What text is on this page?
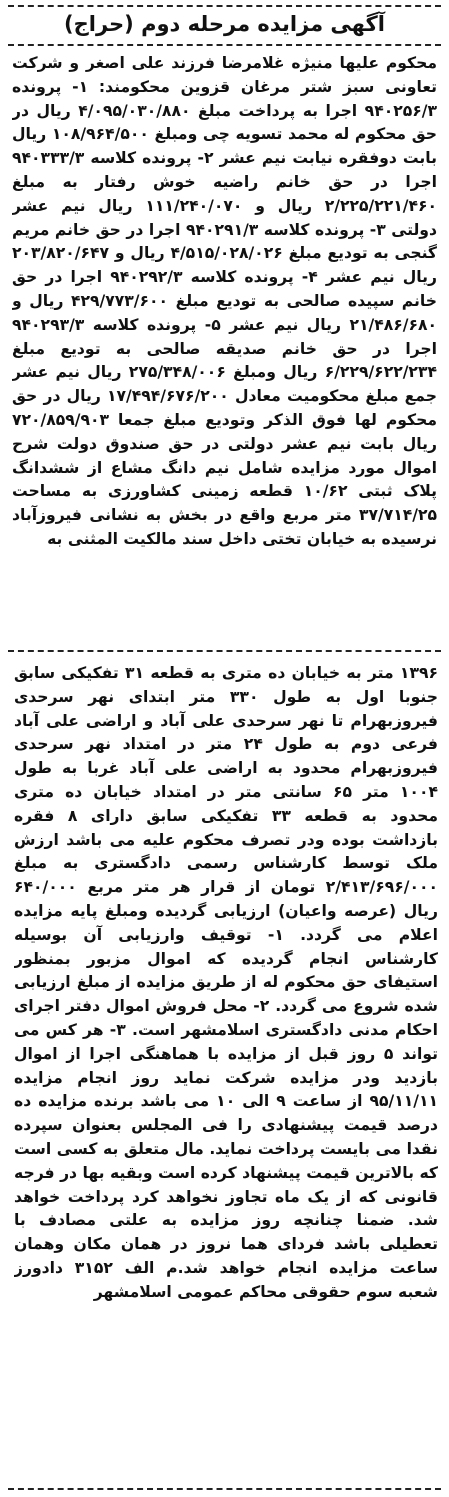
آگهی مزایده مرحله دوم (حراج)
محکوم علیها منیژه غلامرضا فرزند علی اصغر و شرکت تعاونی سبز شتر مرغان قزوین محکومند: ۱- پرونده ۹۴۰۲۵۶/۳ اجرا به پرداخت مبلغ ۴/۰۹۵/۰۳۰/۸۸۰ ریال در حق محکوم له محمد تسویه چی ومبلغ ۱۰۸/۹۶۴/۵۰۰ ریال بابت دوفقره نیابت نیم عشر ۲- پرونده کلاسه ۹۴۰۳۳۳/۳ اجرا در حق خانم راضیه خوش رفتار به مبلغ ۲/۲۲۵/۲۲۱/۴۶۰ ریال و ۱۱۱/۲۴۰/۰۷۰ ریال نیم عشر دولتی ۳- پرونده کلاسه ۹۴۰۲۹۱/۳ اجرا در حق خانم مریم گنجی به تودیع مبلغ ۴/۵۱۵/۰۲۸/۰۲۶ ریال و ۲۰۳/۸۲۰/۶۴۷ ریال نیم عشر ۴- پرونده کلاسه ۹۴۰۲۹۲/۳ اجرا در حق خانم سپیده صالحی به تودیع مبلغ ۴۲۹/۷۷۳/۶۰۰ ریال و ۲۱/۴۸۶/۶۸۰ ریال نیم عشر ۵- پرونده کلاسه ۹۴۰۲۹۳/۳ اجرا در حق خانم صدیقه صالحی به تودیع مبلغ ۶/۲۲۹/۶۲۲/۲۳۴ ریال ومبلغ ۲۷۵/۳۴۸/۰۰۶ ریال نیم عشر جمع مبلغ محکومیت معادل ۱۷/۴۹۴/۶۷۶/۲۰۰ ریال در حق محکوم لها فوق الذکر وتودیع مبلغ جمعا ۷۲۰/۸۵۹/۹۰۳ ریال بابت نیم عشر دولتی در حق صندوق دولت شرح اموال مورد مزایده شامل نیم دانگ مشاع از ششدانگ پلاک ثبتی ۱۰/۶۲ قطعه زمینی کشاورزی به مساحت ۳۷/۷۱۴/۲۵ متر مربع واقع در بخش به نشانی فیروزآباد نرسیده به خیابان تختی داخل سند مالکیت المثنی به
۱۳۹۶ متر به خیابان ده متری به قطعه ۳۱ تفکیکی سابق جنوبا اول به طول ۳۳۰ متر ابتدای نهر سرحدی فیروزبهرام تا نهر سرحدی علی آباد و اراضی علی آباد فرعی دوم به طول ۲۴ متر در امتداد نهر سرحدی فیروزبهرام محدود به اراضی علی آباد غربا به طول ۱۰۰۴ متر ۶۵ سانتی متر در امتداد خیابان ده متری محدود به قطعه ۳۳ تفکیکی سابق دارای ۸ فقره بازداشت بوده ودر تصرف محکوم علیه می باشد ارزش ملک توسط کارشناس رسمی دادگستری به مبلغ ۲/۴۱۳/۶۹۶/۰۰۰ تومان از قرار هر متر مربع ۶۴۰/۰۰۰ ریال (عرصه واعیان) ارزیابی گردیده ومبلغ پایه مزایده اعلام می گردد. ۱- توقیف وارزیابی آن بوسیله کارشناس انجام گردیده که اموال مزبور بمنظور استیفای حق محکوم له از طریق مزایده از مبلغ ارزیابی شده شروع می گردد. ۲- محل فروش اموال دفتر اجرای احکام مدنی دادگستری اسلامشهر است. ۳- هر کس می تواند ۵ روز قبل از مزایده با هماهنگی اجرا از اموال بازدید ودر مزایده شرکت نماید روز انجام مزایده ۹۵/۱۱/۱۱ از ساعت ۹ الی ۱۰ می باشد برنده مزایده ده درصد قیمت پیشنهادی را فی المجلس بعنوان سپرده نقدا می بایست پرداخت نماید. مال متعلق به کسی است که بالاترین قیمت پیشنهاد کرده است وبقیه بها در فرجه قانونی که از یک ماه تجاوز نخواهد کرد پرداخت خواهد شد. ضمنا چنانچه روز مزایده به علتی مصادف با تعطیلی باشد فردای هما نروز در همان مکان وهمان ساعت مزایده انجام خواهد شد.م الف ۳۱۵۲ دادورز شعبه سوم حقوقی محاکم عمومی اسلامشهر
